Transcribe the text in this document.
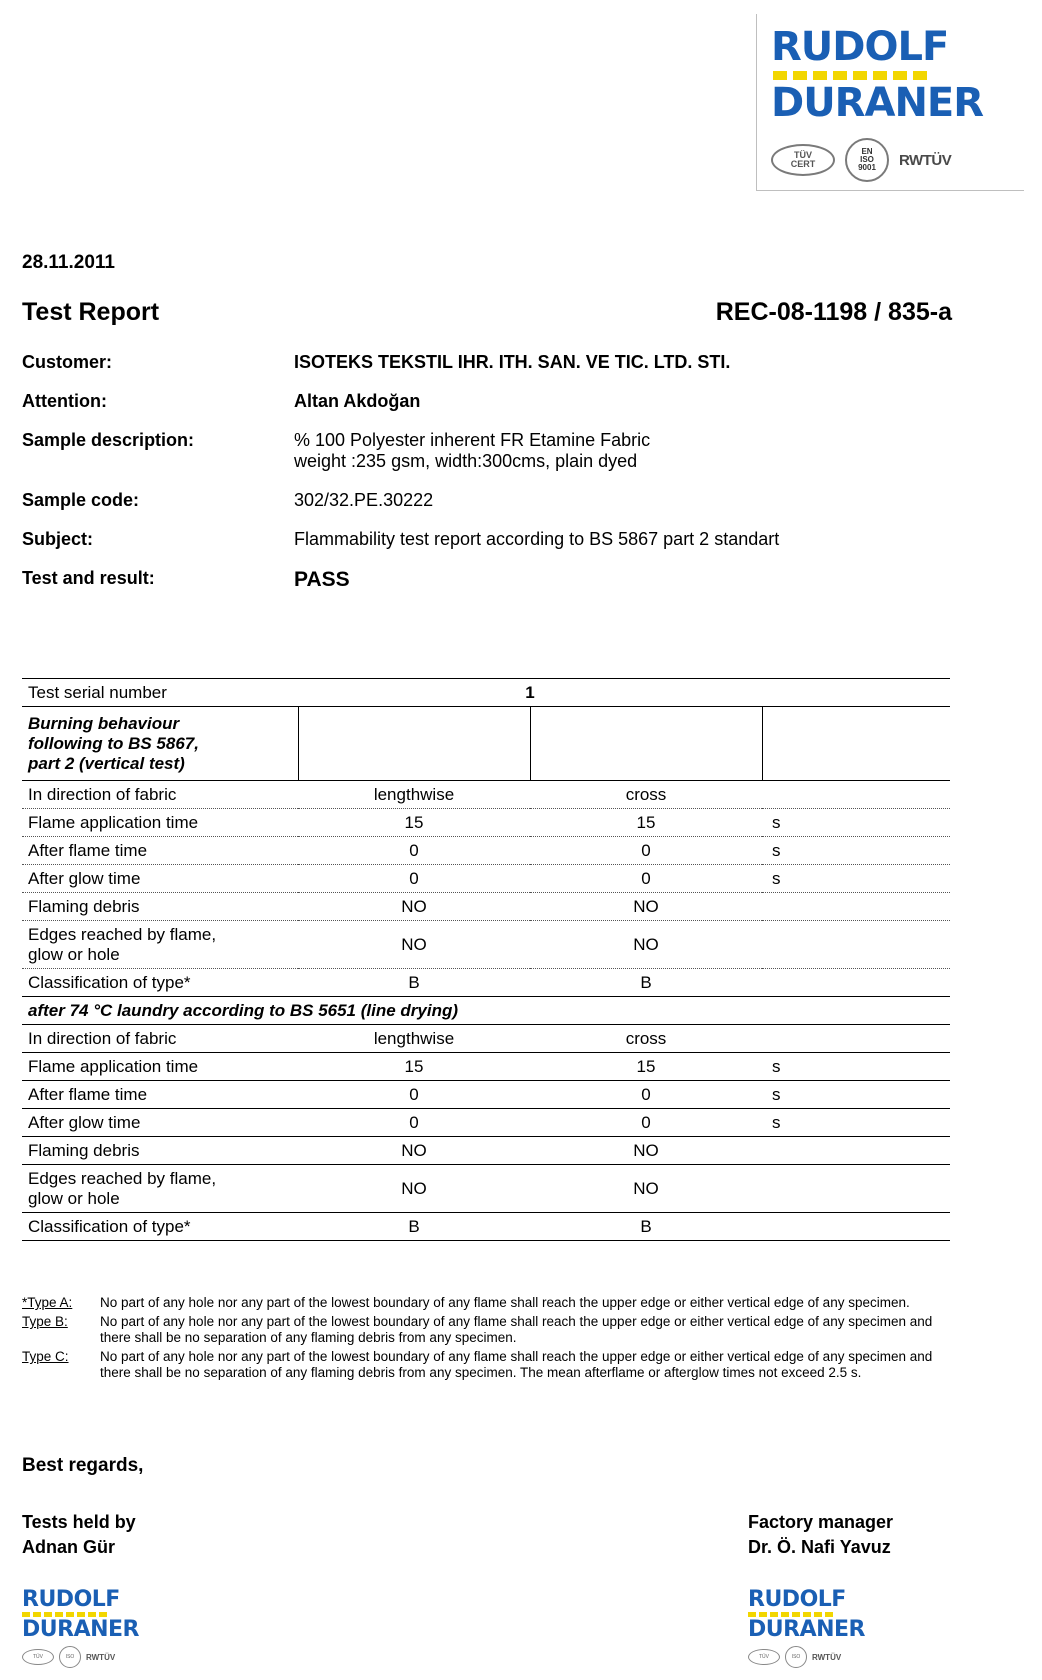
RUDOLF
DURANER
TÜV
CERT
EN
ISO
9001 RWTÜV
28.11.2011
Test Report	REC-08-1198 / 835-a
Customer:	ISOTEKS TEKSTIL IHR. ITH. SAN. VE TIC. LTD. STI.
Attention:	Altan Akdoğan
Sample description:	% 100 Polyester inherent FR Etamine Fabric
weight :235 gsm, width:300cms, plain dyed
Sample code:	302/32.PE.30222
Subject:	Flammability test report according to BS 5867 part 2 standart
Test and result:	PASS
Test serial number	1		

Burning behaviour
following to BS 5867,
part 2 (vertical test)			

In direction of fabric	lengthwise	cross	
Flame application time	15	15	s
After flame time	0	0	s
After glow time	0	0	s
Flaming debris	NO	NO	

Edges reached by flame,
glow or hole	NO	NO	
Classification of type*	B	B	
after 74 °C laundry according to BS 5651 (line drying)			
In direction of fabric	lengthwise	cross	
Flame application time	15	15	s
After flame time	0	0	s
After glow time	0	0	s
Flaming debris	NO	NO	

Edges reached by flame,
glow or hole	NO	NO	
Classification of type*	B	B	
*Type A:	No part of any hole nor any part of the lowest boundary of any flame shall reach the upper edge or either vertical edge of any specimen.
Type B:	No part of any hole nor any part of the lowest boundary of any flame shall reach the upper edge or either vertical edge of any specimen and there shall be no separation of any flaming debris from any specimen.
Type C:	No part of any hole nor any part of the lowest boundary of any flame shall reach the upper edge or either vertical edge of any specimen and there shall be no separation of any flaming debris from any specimen. The mean afterflame or afterglow times not exceed 2.5 s.
Best regards,
Tests held by
Adnan Gür
Factory manager
Dr. Ö. Nafi Yavuz
RUDOLF
DURANER
TÜV	ISO	RWTÜV
RUDOLF
DURANER
TÜV	ISO	RWTÜV
